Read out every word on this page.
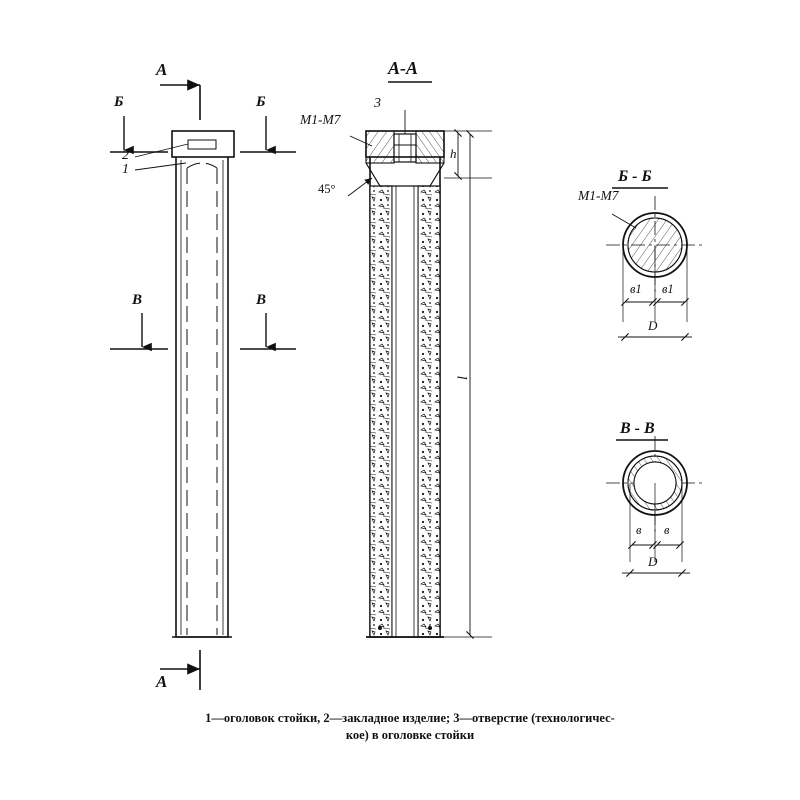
А
А
Б	Б
В	В
2
1
А-А
М1-М7
3
45°
h
l
Б - Б
М1-М7
в1 в1
D
В - В
в в
D
1—оголовок стойки, 2—закладное изделие; 3—отверстие (технологичес-
кое) в оголовке стойки
